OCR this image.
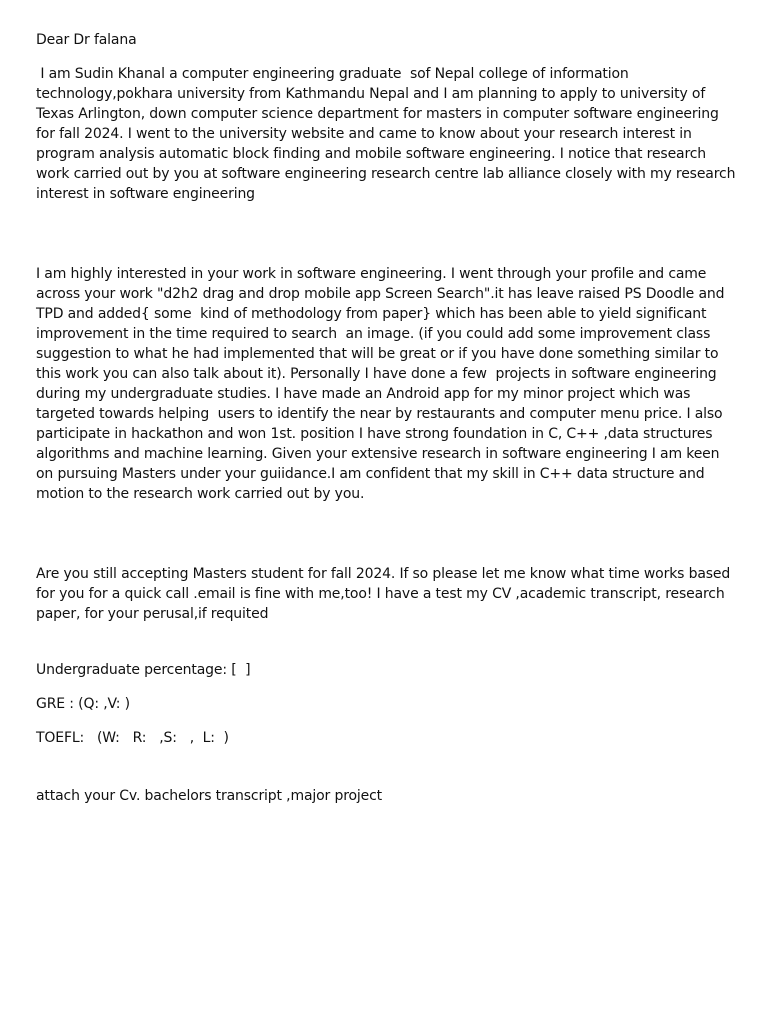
Dear Dr falana

I am Sudin Khanal a computer engineering graduate  sof Nepal college of information technology,pokhara university from Kathmandu Nepal and I am planning to apply to university of Texas Arlington, down computer science department for masters in computer software engineering for fall 2024. I went to the university website and came to know about your research interest in program analysis automatic block finding and mobile software engineering. I notice that research work carried out by you at software engineering research centre lab alliance closely with my research interest in software engineering

I am highly interested in your work in software engineering. I went through your profile and came across your work "d2h2 drag and drop mobile app Screen Search".it has leave raised PS Doodle and TPD and added{ some  kind of methodology from paper} which has been able to yield significant improvement in the time required to search  an image. (if you could add some improvement class suggestion to what he had implemented that will be great or if you have done something similar to this work you can also talk about it). Personally I have done a few  projects in software engineering during my undergraduate studies. I have made an Android app for my minor project which was targeted towards helping  users to identify the near by restaurants and computer menu price. I also participate in hackathon and won 1st. position I have strong foundation in C, C++ ,data structures algorithms and machine learning. Given your extensive research in software engineering I am keen on pursuing Masters under your guiidance.I am confident that my skill in C++ data structure and motion to the research work carried out by you.

Are you still accepting Masters student for fall 2024. If so please let me know what time works based for you for a quick call .email is fine with me,too! I have a test my CV ,academic transcript, research paper, for your perusal,if requited

Undergraduate percentage: [  ]

GRE : (Q: ,V: )

TOEFL:   (W:   R:   ,S:   ,  L:  )

attach your Cv. bachelors transcript ,major project
